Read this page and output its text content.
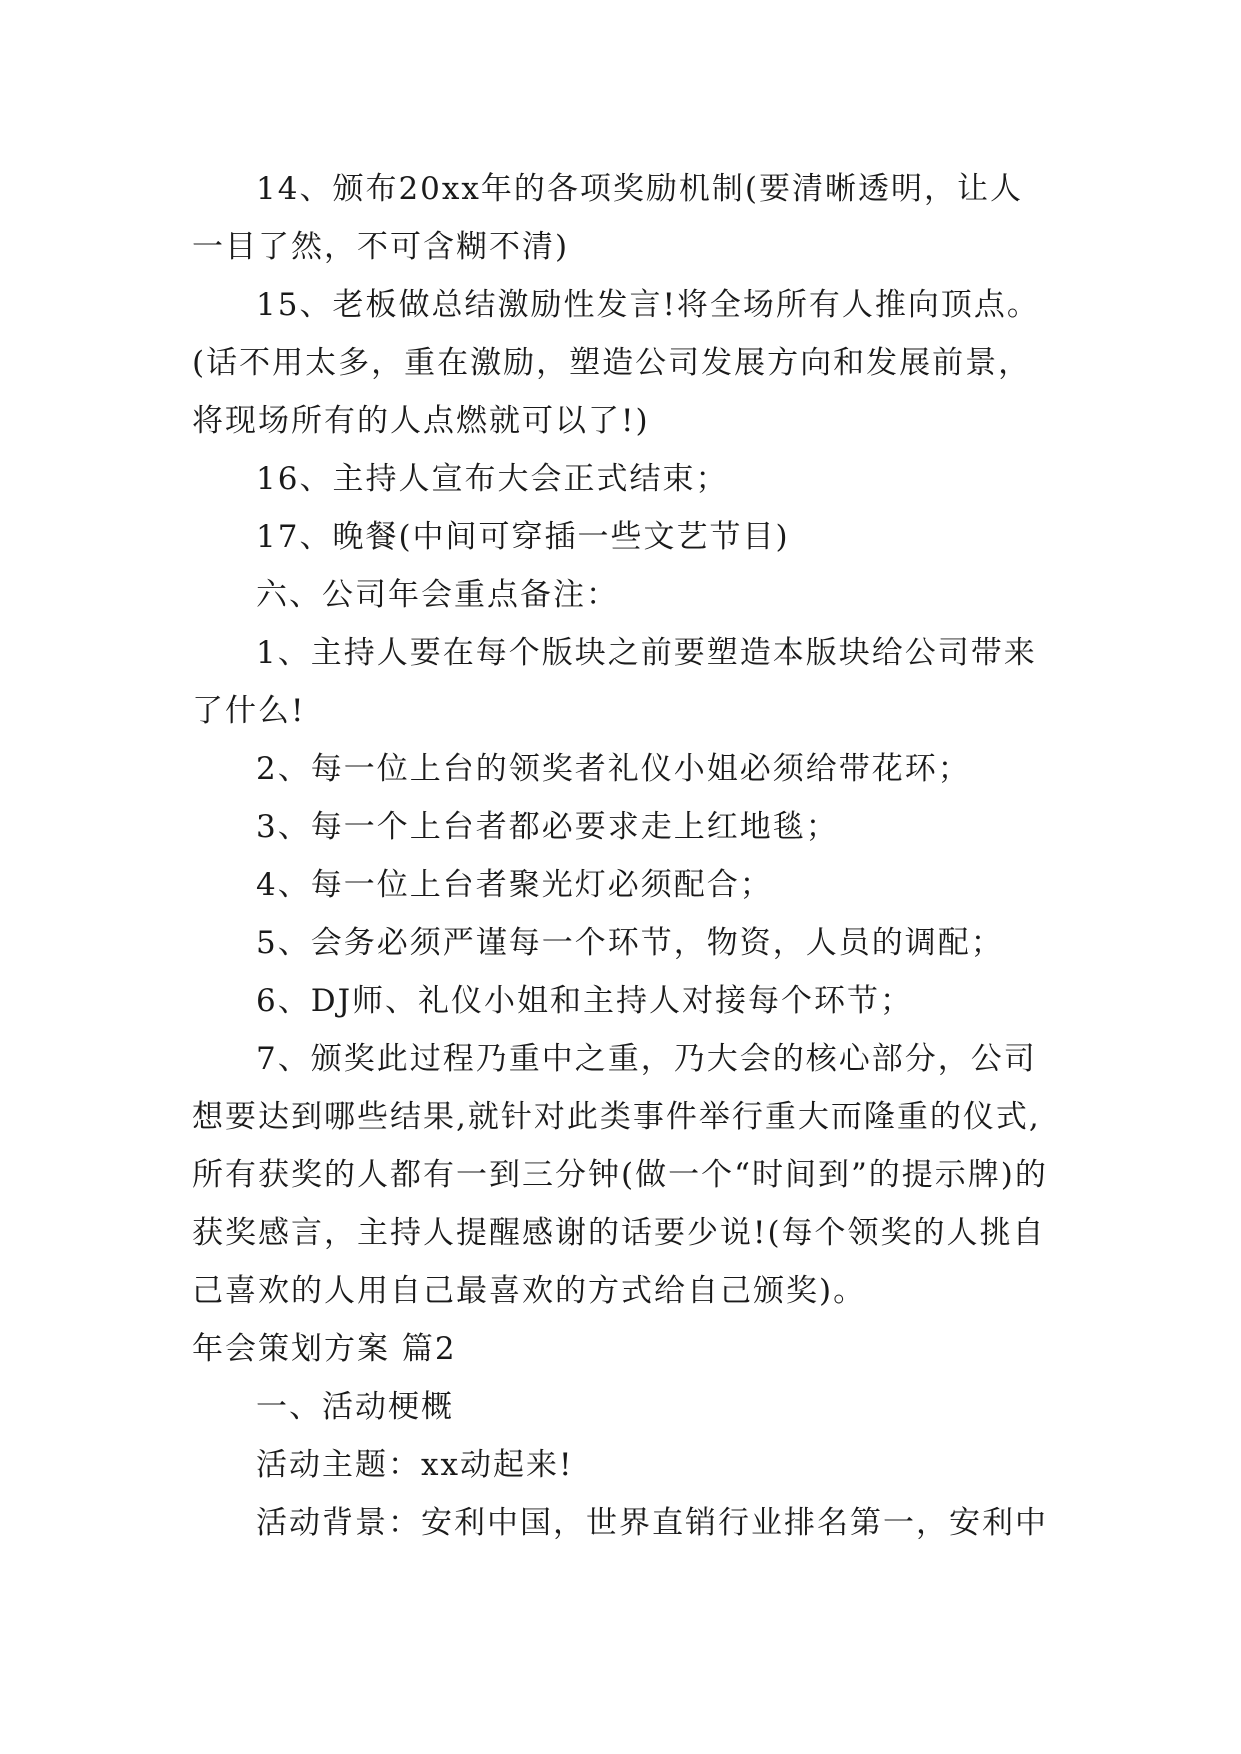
14、颁布20xx年的各项奖励机制(要清晰透明，让人一目了然，不可含糊不清)

15、老板做总结激励性发言!将全场所有人推向顶点。(话不用太多，重在激励，塑造公司发展方向和发展前景，将现场所有的人点燃就可以了!)

16、主持人宣布大会正式结束；

17、晚餐(中间可穿插一些文艺节目)

六、公司年会重点备注：

1、主持人要在每个版块之前要塑造本版块给公司带来了什么!

2、每一位上台的领奖者礼仪小姐必须给带花环；

3、每一个上台者都必要求走上红地毯；

4、每一位上台者聚光灯必须配合；

5、会务必须严谨每一个环节，物资，人员的调配；

6、DJ师、礼仪小姐和主持人对接每个环节；

7、颁奖此过程乃重中之重，乃大会的核心部分，公司想要达到哪些结果,就针对此类事件举行重大而隆重的仪式,所有获奖的人都有一到三分钟(做一个“时间到”的提示牌)的获奖感言，主持人提醒感谢的话要少说!(每个领奖的人挑自己喜欢的人用自己最喜欢的方式给自己颁奖)。

年会策划方案 篇2

一、活动梗概

活动主题：xx动起来!

活动背景：安利中国，世界直销行业排名第一，安利中
